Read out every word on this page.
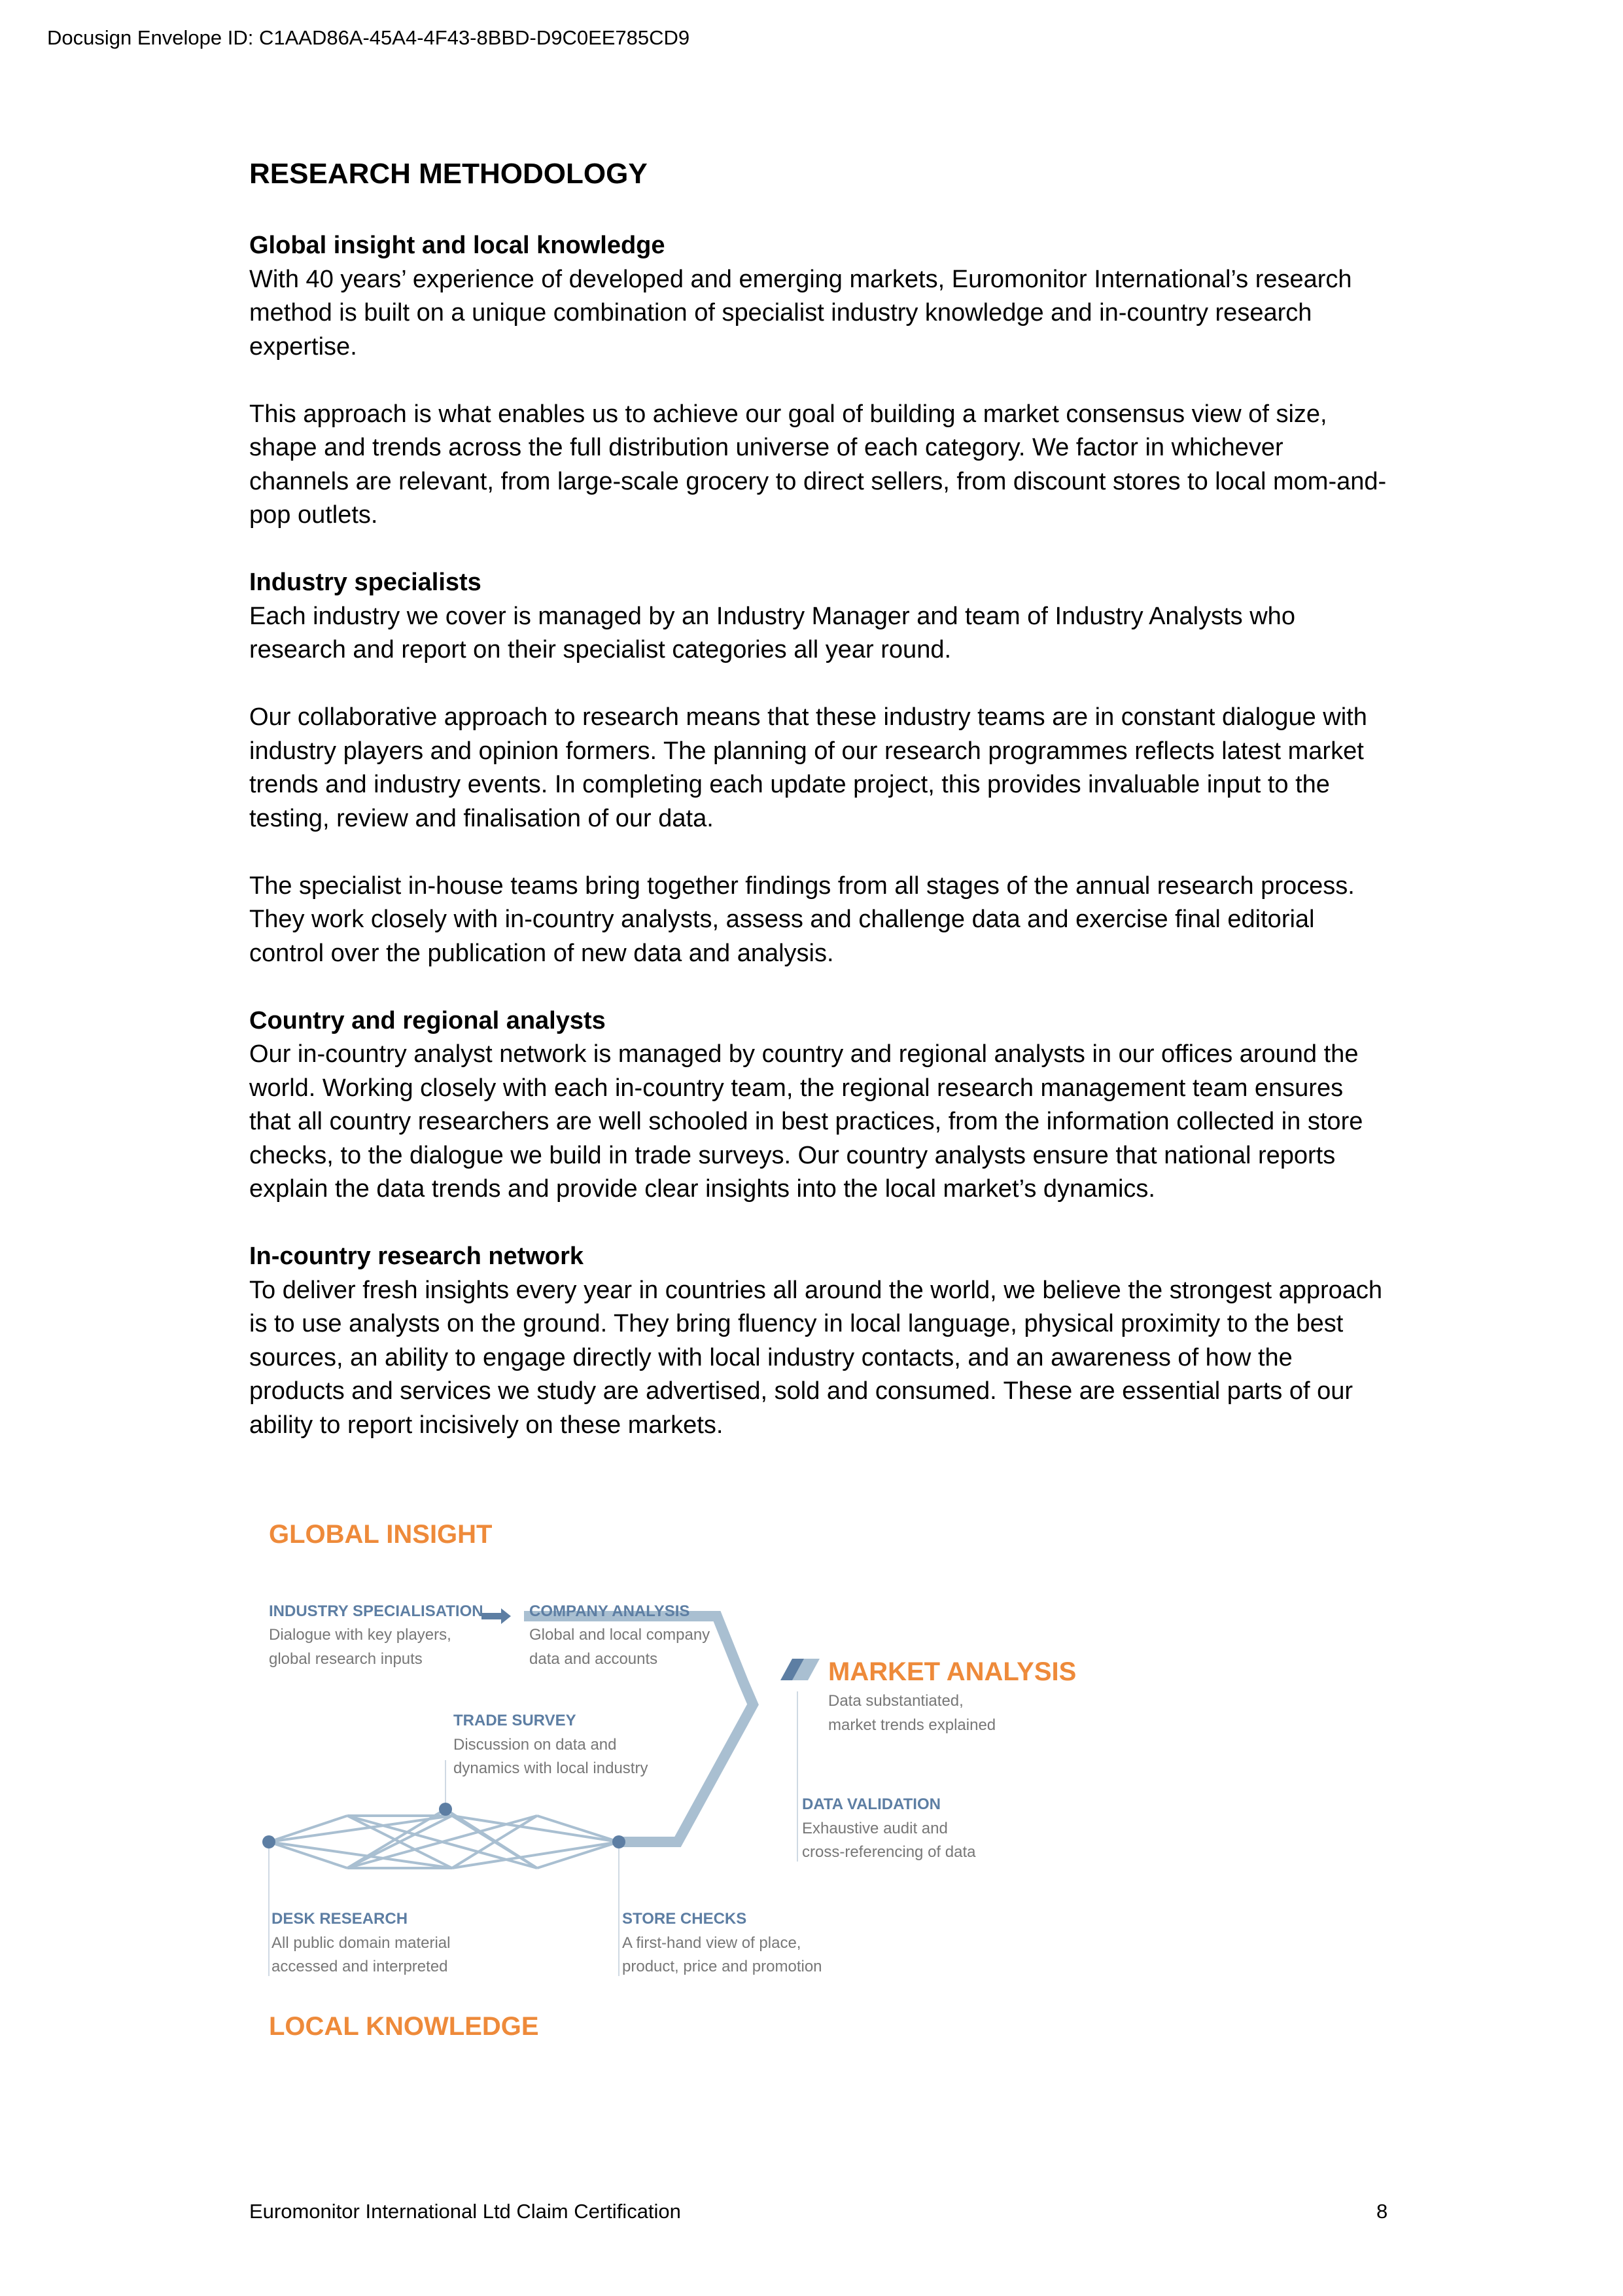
Docusign Envelope ID: C1AAD86A-45A4-4F43-8BBD-D9C0EE785CD9
RESEARCH METHODOLOGY

Global insight and local knowledge
With 40 years’ experience of developed and emerging markets, Euromonitor International’s research method is built on a unique combination of specialist industry knowledge and in-country research expertise.

This approach is what enables us to achieve our goal of building a market consensus view of size, shape and trends across the full distribution universe of each category. We factor in whichever channels are relevant, from large-scale grocery to direct sellers, from discount stores to local mom-and-pop outlets.

Industry specialists
Each industry we cover is managed by an Industry Manager and team of Industry Analysts who research and report on their specialist categories all year round.

Our collaborative approach to research means that these industry teams are in constant dialogue with industry players and opinion formers. The planning of our research programmes reflects latest market trends and industry events. In completing each update project, this provides invaluable input to the testing, review and finalisation of our data.

The specialist in-house teams bring together findings from all stages of the annual research process. They work closely with in-country analysts, assess and challenge data and exercise final editorial control over the publication of new data and analysis.

Country and regional analysts
Our in-country analyst network is managed by country and regional analysts in our offices around the world. Working closely with each in-country team, the regional research management team ensures that all country researchers are well schooled in best practices, from the information collected in store checks, to the dialogue we build in trade surveys. Our country analysts ensure that national reports explain the data trends and provide clear insights into the local market’s dynamics.

In-country research network
To deliver fresh insights every year in countries all around the world, we believe the strongest approach is to use analysts on the ground. They bring fluency in local language, physical proximity to the best sources, an ability to engage directly with local industry contacts, and an awareness of how the products and services we study are advertised, sold and consumed. These are essential parts of our ability to report incisively on these markets.

GLOBAL INSIGHT
INDUSTRY SPECIALISATION
Dialogue with key players,
global research inputs
COMPANY ANALYSIS
Global and local company
data and accounts	MARKET ANALYSIS
Data substantiated,
market trends explained
TRADE SURVEY
Discussion on data and
dynamics with local industry
DATA VALIDATION
Exhaustive audit and
cross-referencing of data
DESK RESEARCH
All public domain material
accessed and interpreted
STORE CHECKS
A first-hand view of place,
product, price and promotion
LOCAL KNOWLEDGE
Euromonitor International Ltd Claim Certification	8
